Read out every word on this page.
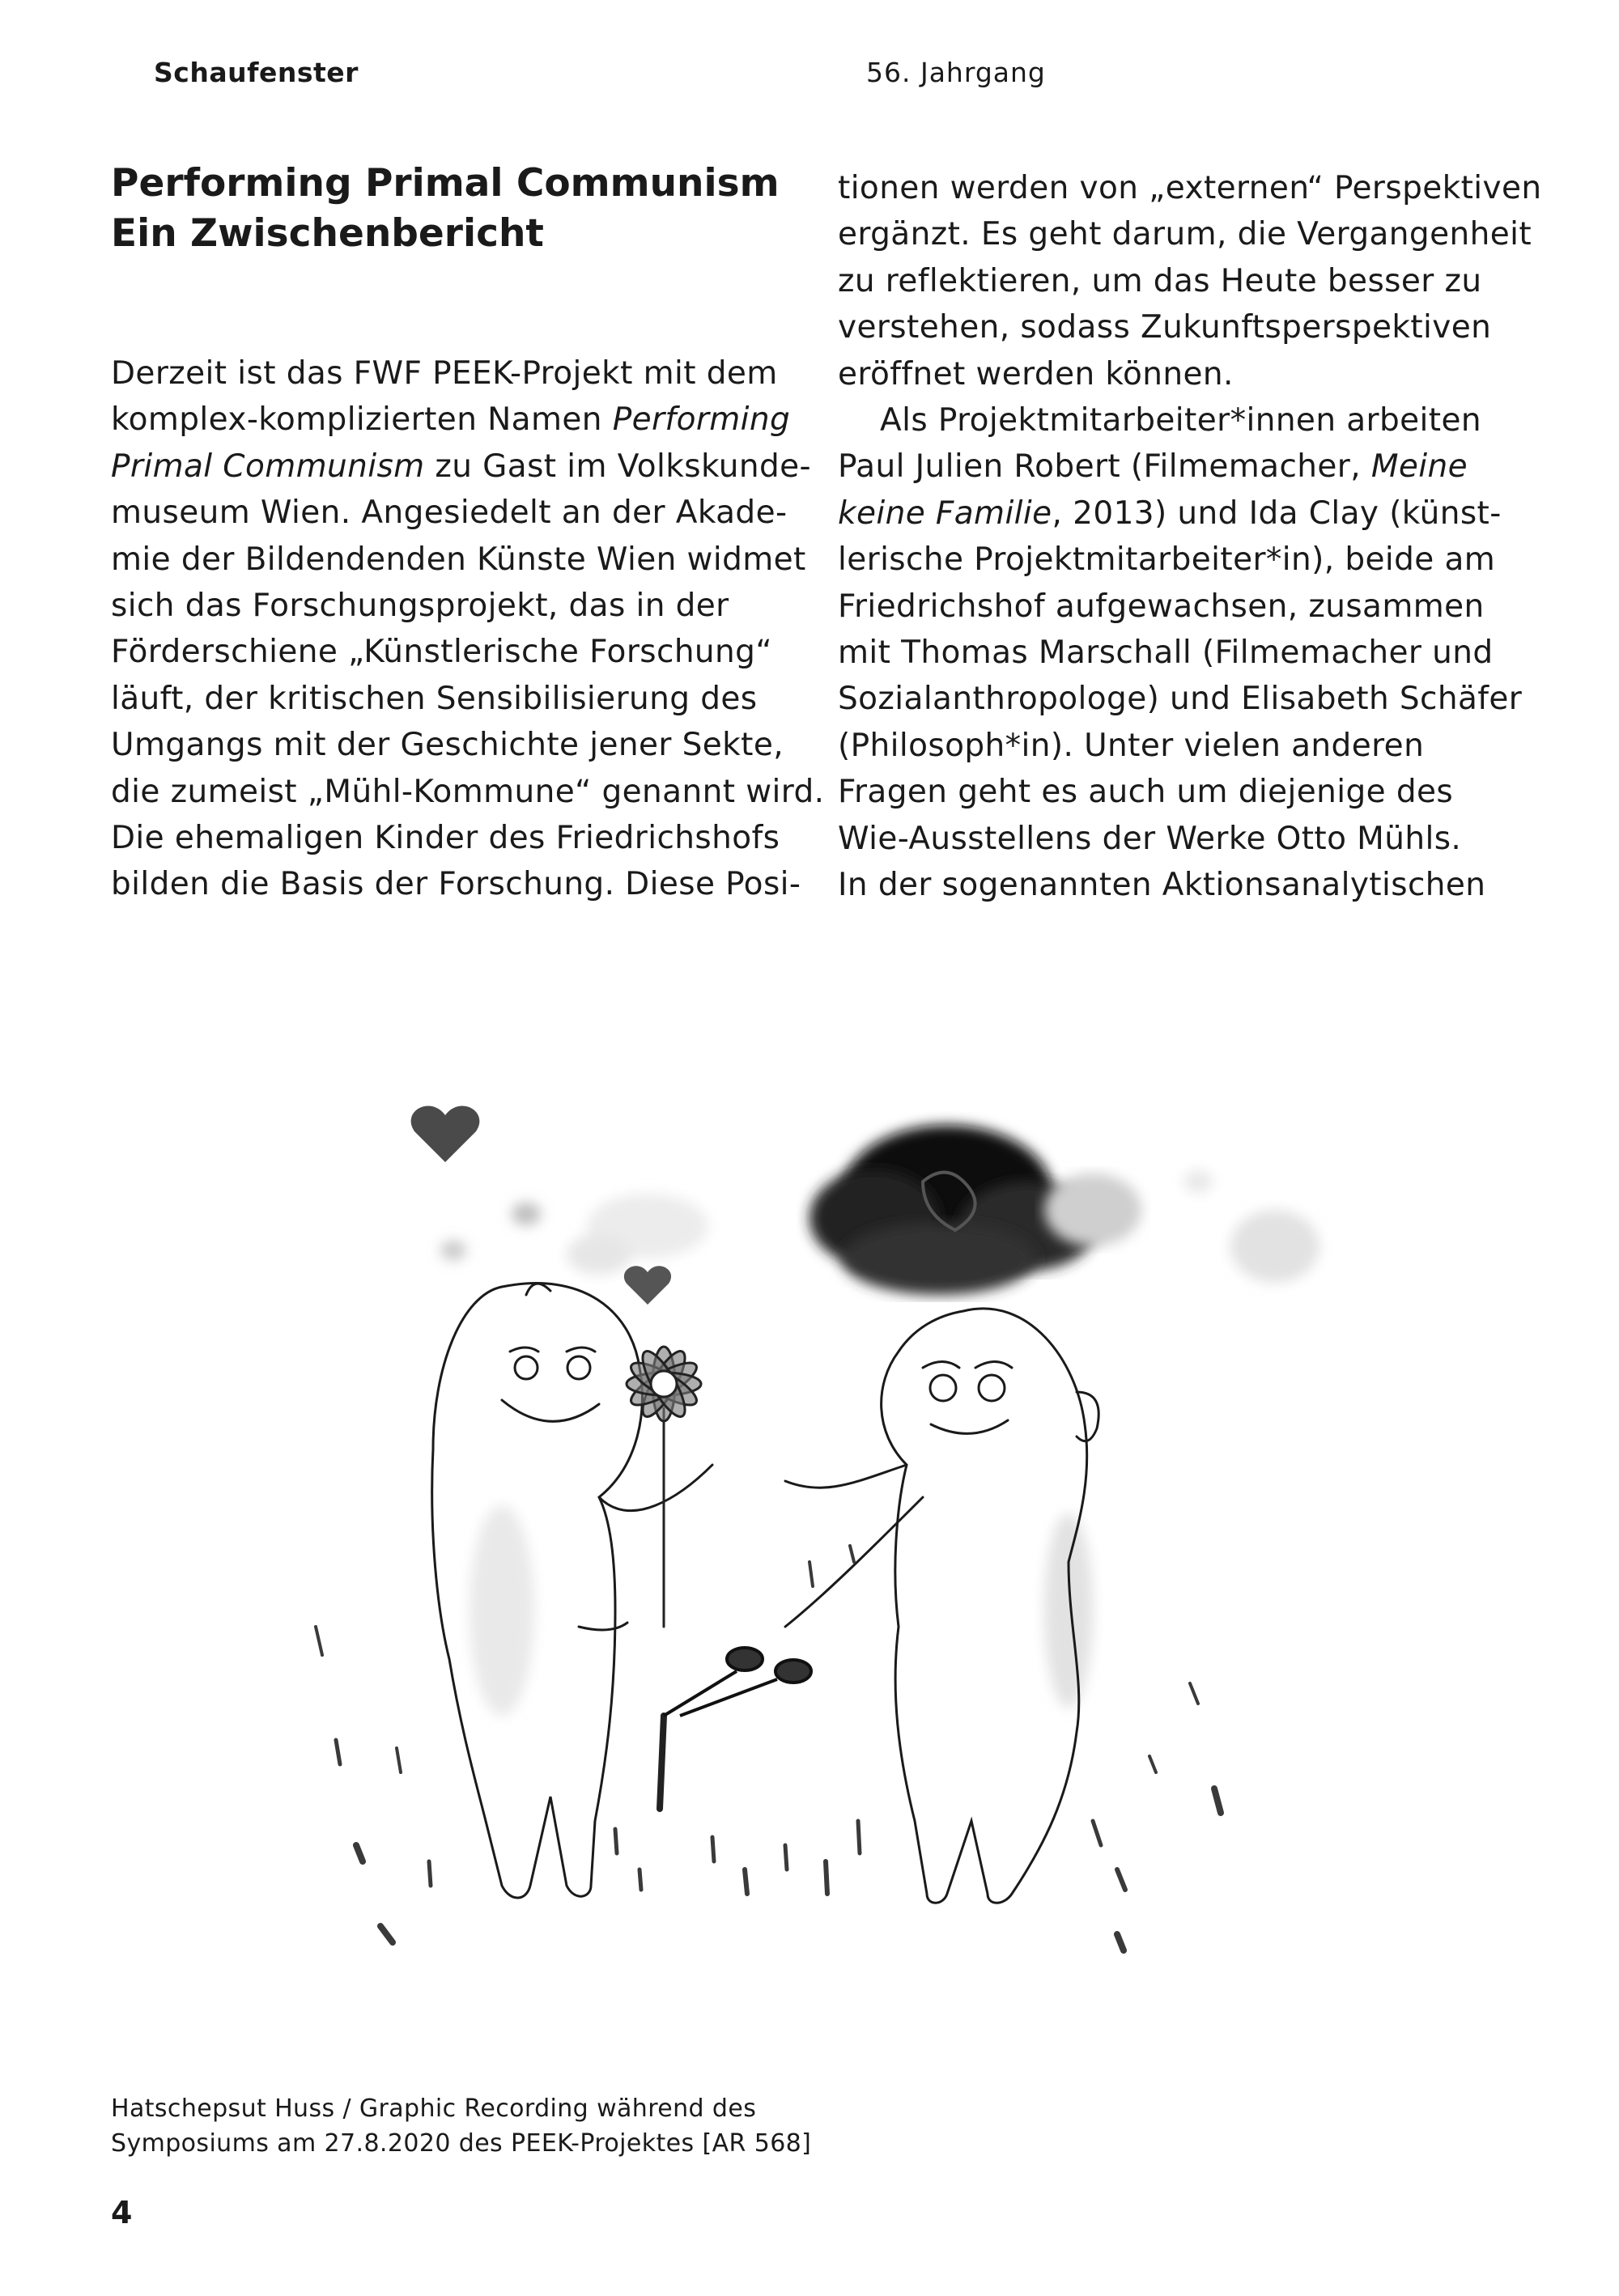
Schaufenster	56. Jahrgang
Performing Primal Communism
Ein Zwischenbericht

Derzeit ist das FWF PEEK-Projekt mit dem
komplex-komplizierten Namen Performing
Primal Communism zu Gast im Volkskunde-
museum Wien. Angesiedelt an der Akade-
mie der Bildendenden Künste Wien widmet
sich das Forschungsprojekt, das in der
Förderschiene „Künstlerische Forschung“
läuft, der kritischen Sensibilisierung des
Umgangs mit der Geschichte jener Sekte,
die zumeist „Mühl-Kommune“ genannt wird.
Die ehemaligen Kinder des Friedrichshofs
bilden die Basis der Forschung. Diese Posi-

tionen werden von „externen“ Perspektiven
ergänzt. Es geht darum, die Vergangenheit
zu reflektieren, um das Heute besser zu
verstehen, sodass Zukunftsperspektiven
eröffnet werden können.
Als Projektmitarbeiter*innen arbeiten
Paul Julien Robert (Filmemacher, Meine
keine Familie, 2013) und Ida Clay (künst-
lerische Projektmitarbeiter*in), beide am
Friedrichshof aufgewachsen, zusammen
mit Thomas Marschall (Filmemacher und
Sozialanthropologe) und Elisabeth Schäfer
(Philosoph*in). Unter vielen anderen
Fragen geht es auch um diejenige des
Wie-Ausstellens der Werke Otto Mühls.
In der sogenannten Aktionsanalytischen

Hatschepsut Huss / Graphic Recording während des
Symposiums am 27.8.2020 des PEEK-Projektes [AR 568]
4
